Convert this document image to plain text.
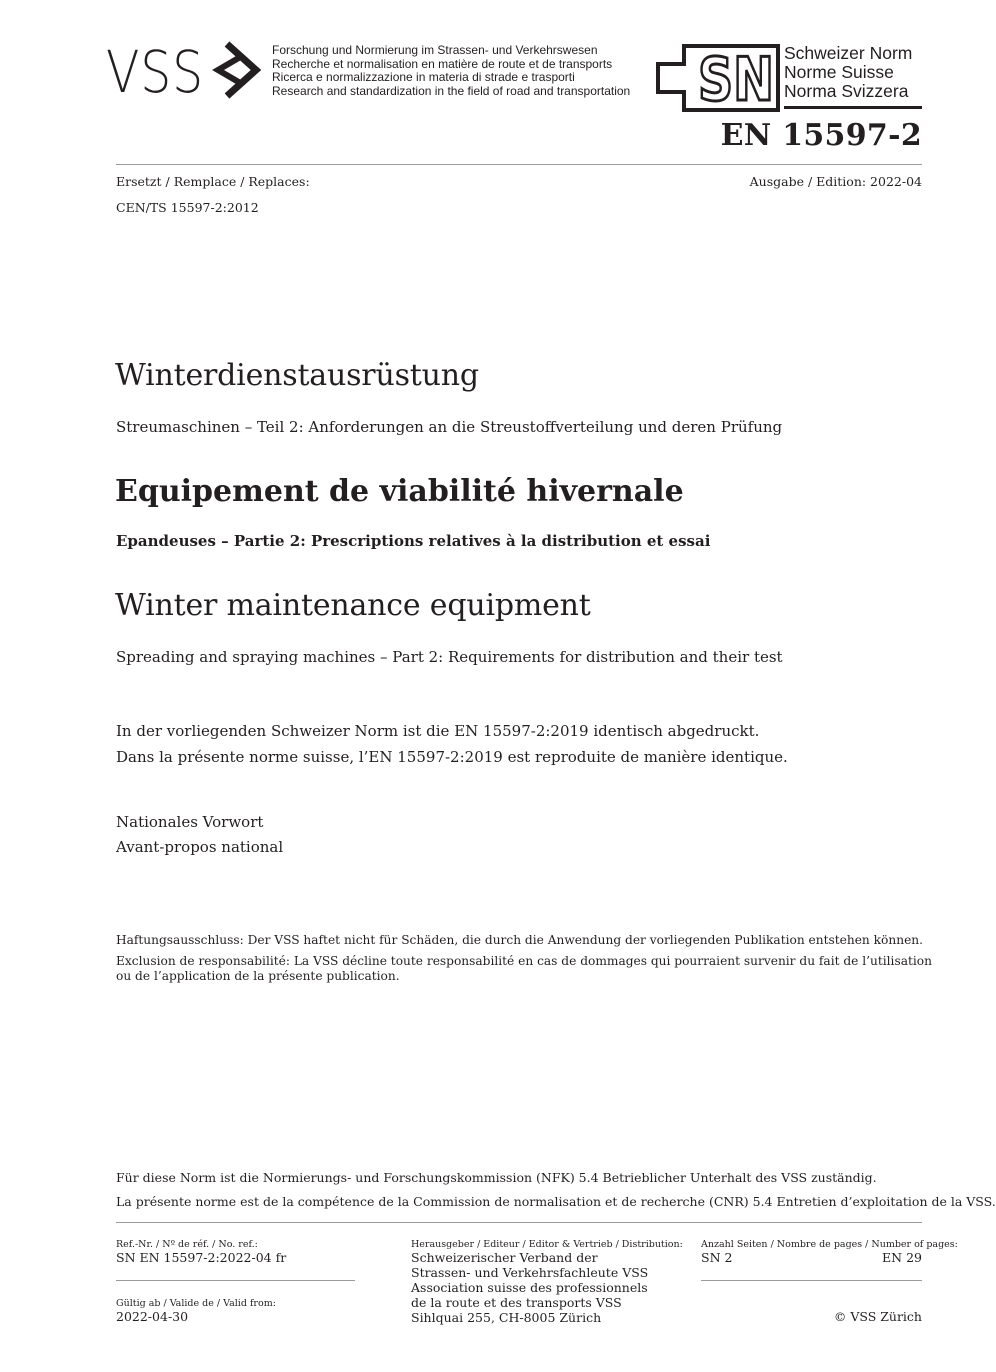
VSS	Forschung und Normierung im Strassen- und Verkehrswesen
Recherche et normalisation en matière de route et de transports
Ricerca e normalizzazione in materia di strade e trasporti
Research and standardization in the field of road and transportation SN Schweizer Norm
Norme Suisse
Norma Svizzera
EN 15597-2
Ersetzt / Remplace / Replaces:	Ausgabe / Edition: 2022-04
CEN/TS 15597-2:2012
Winterdienstausrüstung
Streumaschinen – Teil 2: Anforderungen an die Streustoffverteilung und deren Prüfung
Equipement de viabilité hivernale
Epandeuses – Partie 2: Prescriptions relatives à la distribution et essai
Winter maintenance equipment
Spreading and spraying machines – Part 2: Requirements for distribution and their test
In der vorliegenden Schweizer Norm ist die EN 15597-2:2019 identisch abgedruckt.
Dans la présente norme suisse, l’EN 15597-2:2019 est reproduite de manière identique.
Nationales Vorwort
Avant-propos national
Haftungsausschluss: Der VSS haftet nicht für Schäden, die durch die Anwendung der vorliegenden Publikation entstehen können.
Exclusion de responsabilité: La VSS décline toute responsabilité en cas de dommages qui pourraient survenir du fait de l’utilisation
ou de l’application de la présente publication.
Für diese Norm ist die Normierungs- und Forschungskommission (NFK) 5.4 Betrieblicher Unterhalt des VSS zuständig.
La présente norme est de la compétence de la Commission de normalisation et de recherche (CNR) 5.4 Entretien d’exploitation de la VSS.
Ref.-Nr. / Nº de réf. / No. ref.:
SN EN 15597-2:2022-04 fr
Gültig ab / Valide de / Valid from:
2022-04-30
Herausgeber / Editeur / Editor & Vertrieb / Distribution:
Schweizerischer Verband der
Strassen- und Verkehrsfachleute VSS
Association suisse des professionnels
de la route et des transports VSS
Sihlquai 255, CH-8005 Zürich
Anzahl Seiten / Nombre de pages / Number of pages:
SN 2	EN 29
© VSS Zürich
